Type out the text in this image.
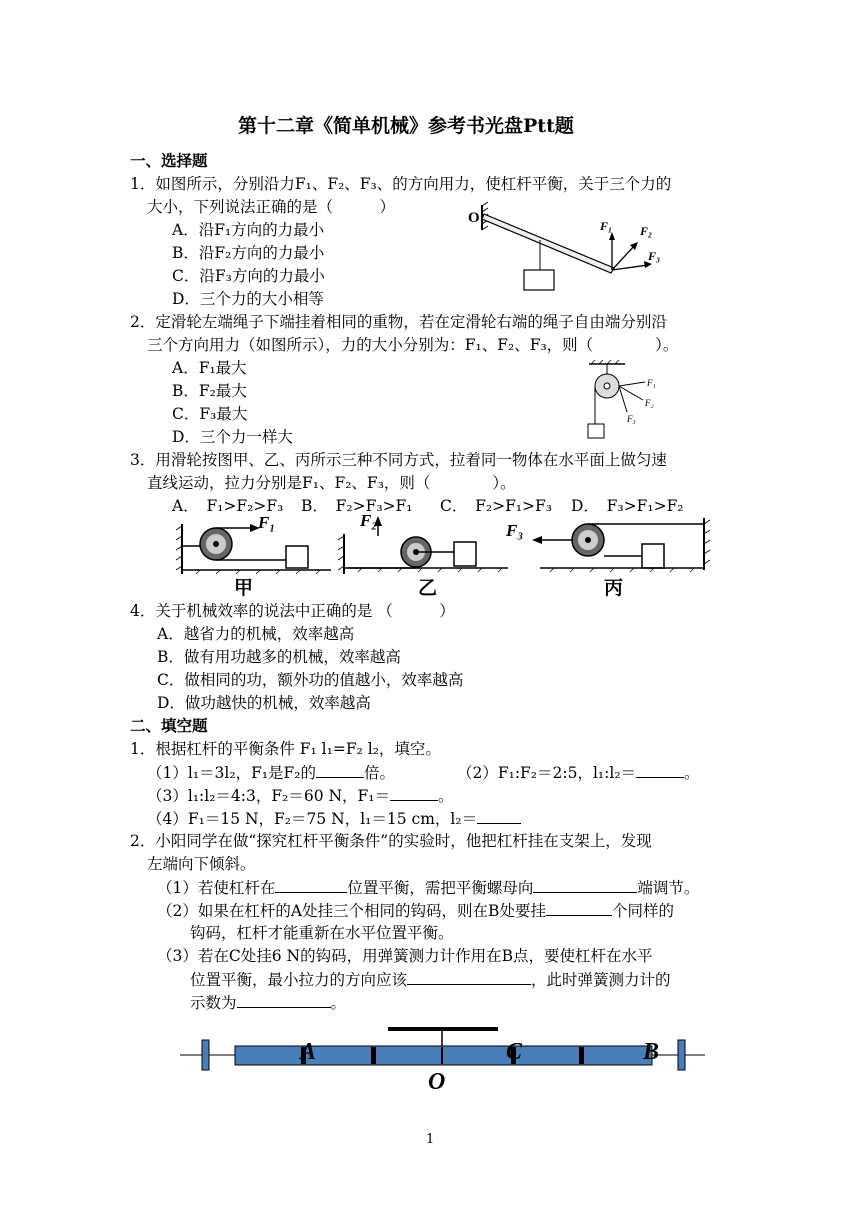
第十二章《简单机械》参考书光盘Ptt题
一、选择题
1．如图所示，分别沿力F₁、F₂、F₃、的方向用力，使杠杆平衡，关于三个力的
大小，下列说法正确的是（　　　）
A．沿F₁方向的力最小
B．沿F₂方向的力最小
C．沿F₃方向的力最小
D．三个力的大小相等
O	F₁ F₂
F₃
2．定滑轮左端绳子下端挂着相同的重物，若在定滑轮右端的绳子自由端分别沿
三个方向用力（如图所示），力的大小分别为：F₁、F₂、F₃，则（　　　　）。
A．F₁最大
B．F₂最大
C．F₃最大
D．三个力一样大
F₁
F₂
F₃
3．用滑轮按图甲、乙、丙所示三种不同方式，拉着同一物体在水平面上做匀速
直线运动，拉力分别是F₁、F₂、F₃，则（　　　　）。
A．　F₁>F₂>F₃ B．　F₂>F₃>F₁ C．　F₂>F₁>F₃ D．　F₃>F₁>F₂
F₁
甲
F₂
乙
F₃
丙
4．关于机械效率的说法中正确的是 （　　　）
A．越省力的机械，效率越高
B．做有用功越多的机械，效率越高
C．做相同的功，额外功的值越小，效率越高
D．做功越快的机械，效率越高
二、填空题
1．根据杠杆的平衡条件 F₁ l₁=F₂ l₂，填空。
（1）l₁＝3l₂，F₁是F₂的	倍。	（2）F₁:F₂＝2:5，l₁:l₂＝	。
（3）l₁:l₂＝4:3，F₂＝60 N，F₁＝	。
（4）F₁＝15 N，F₂＝75 N，l₁＝15 cm，l₂＝
2．小阳同学在做“探究杠杆平衡条件”的实验时，他把杠杆挂在支架上，发现
左端向下倾斜。
（1）若使杠杆在	位置平衡，需把平衡螺母向	端调节。
（2）如果在杠杆的A处挂三个相同的钩码，则在B处要挂	个同样的
钩码，杠杆才能重新在水平位置平衡。
（3）若在C处挂6 N的钩码，用弹簧测力计作用在B点，要使杠杆在水平
位置平衡，最小拉力的方向应该	，此时弹簧测力计的
示数为	。
A	C	B
O
1
